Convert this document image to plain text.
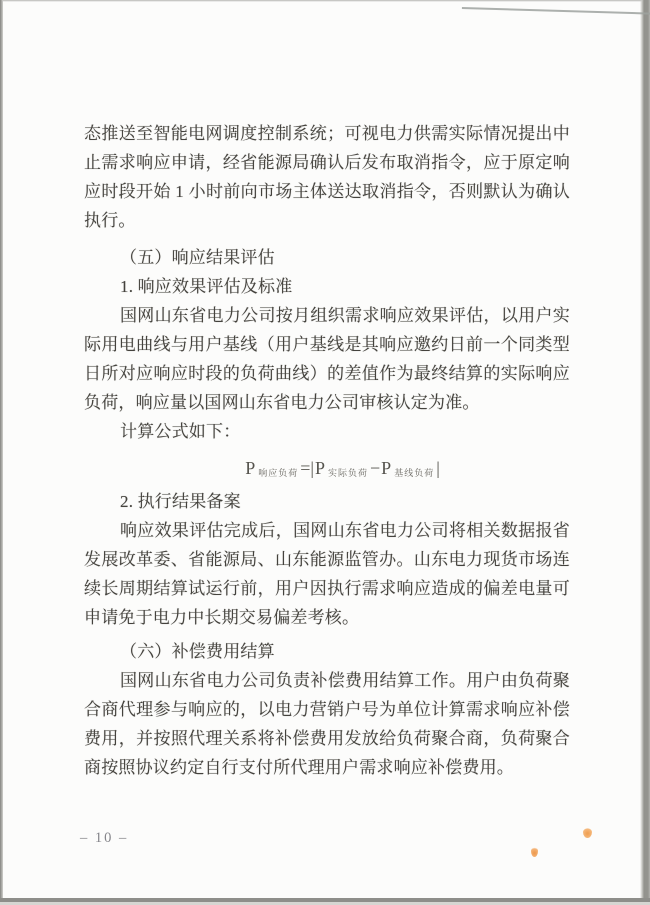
态推送至智能电网调度控制系统；可视电力供需实际情况提出中
止需求响应申请，经省能源局确认后发布取消指令，应于原定响
应时段开始 1 小时前向市场主体送达取消指令，否则默认为确认
执行。
（五）响应结果评估
1. 响应效果评估及标准
国网山东省电力公司按月组织需求响应效果评估，以用户实
际用电曲线与用户基线（用户基线是其响应邀约日前一个同类型
日所对应响应时段的负荷曲线）的差值作为最终结算的实际响应
负荷，响应量以国网山东省电力公司审核认定为准。
计算公式如下：
P $_{响应负荷}$ =|P $_{实际负荷}$ −P $_{基线负荷}$ |
2. 执行结果备案
响应效果评估完成后，国网山东省电力公司将相关数据报省
发展改革委、省能源局、山东能源监管办。山东电力现货市场连
续长周期结算试运行前，用户因执行需求响应造成的偏差电量可
申请免于电力中长期交易偏差考核。
（六）补偿费用结算
国网山东省电力公司负责补偿费用结算工作。用户由负荷聚
合商代理参与响应的，以电力营销户号为单位计算需求响应补偿
费用，并按照代理关系将补偿费用发放给负荷聚合商，负荷聚合
商按照协议约定自行支付所代理用户需求响应补偿费用。
– 10 –
